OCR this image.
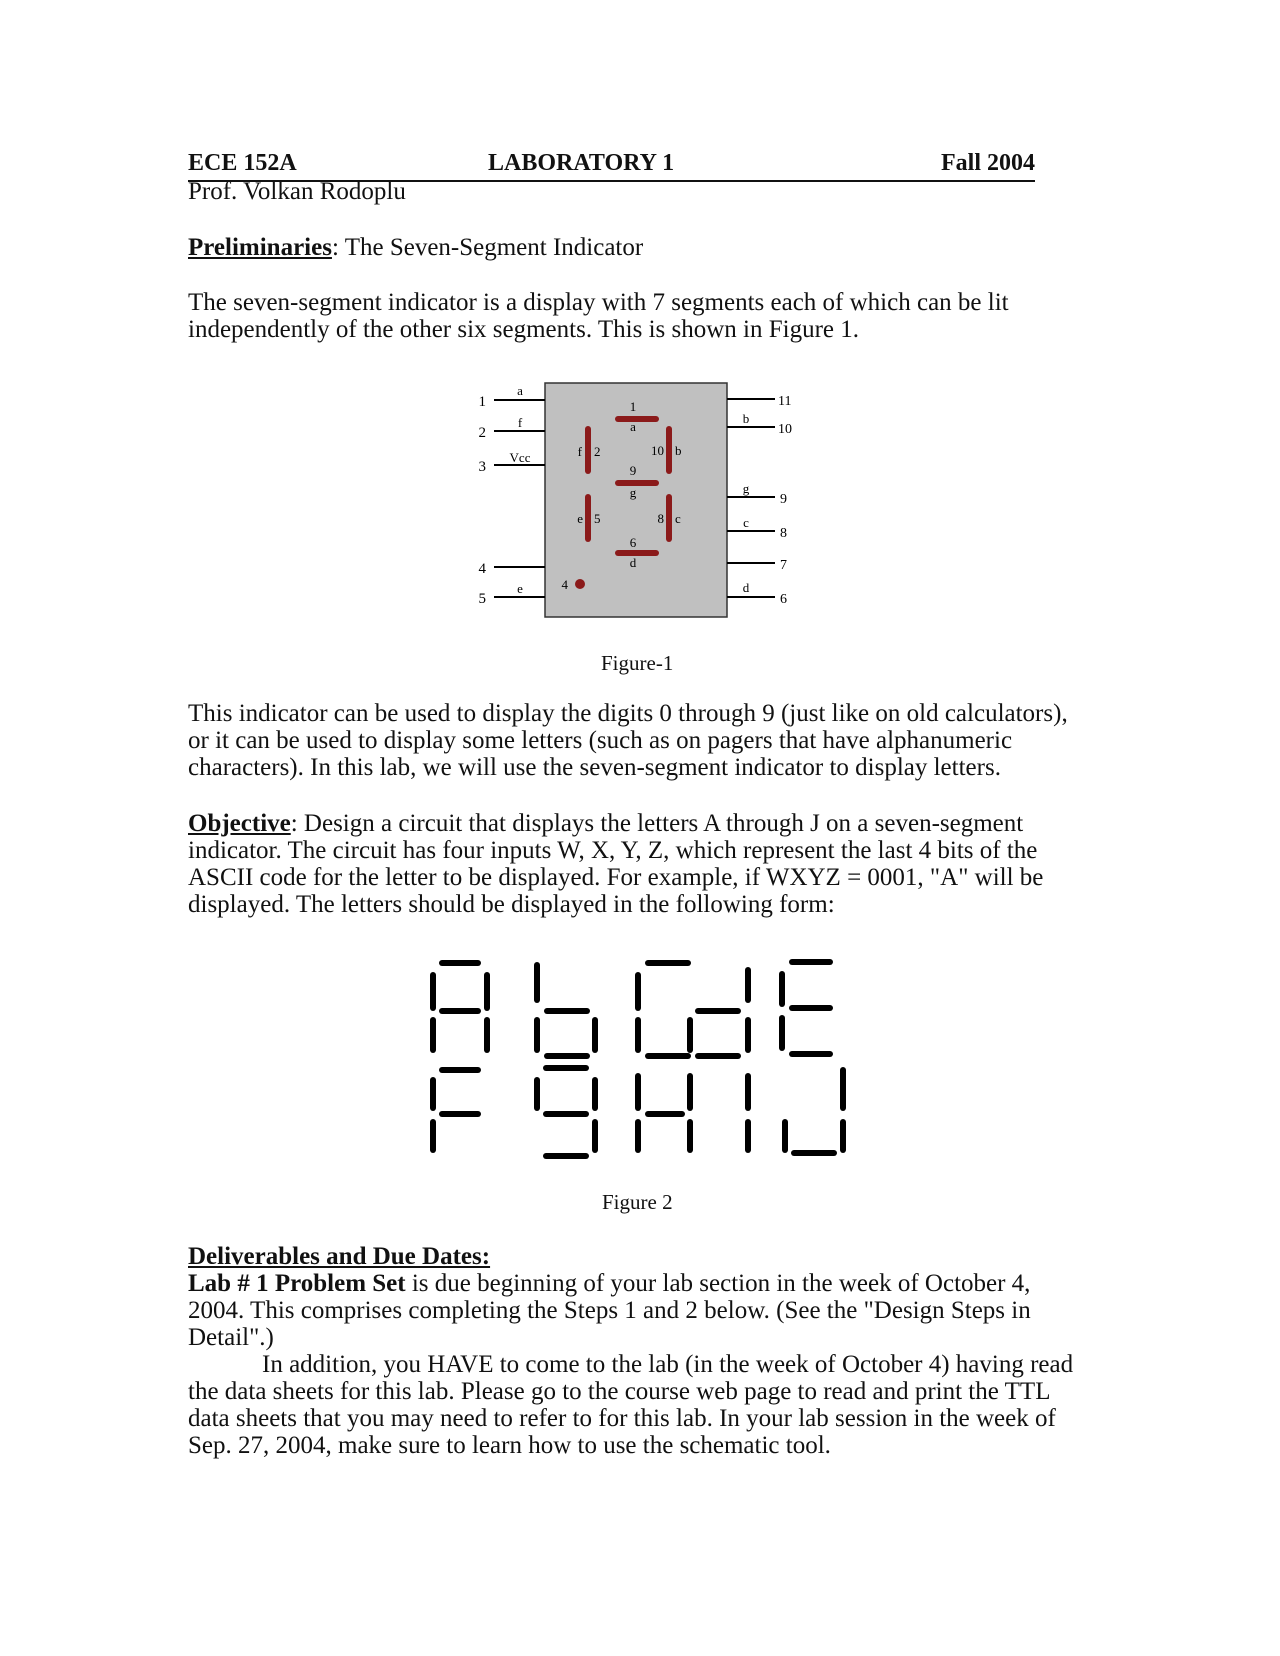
ECE 152A	LABORATORY 1	Fall 2004
Prof. Volkan Rodoplu
Preliminaries: The Seven-Segment Indicator
The seven-segment indicator is a display with 7 segments each of which can be lit
independently of the other six segments. This is shown in Figure 1.
1
2
3
4
5
a
f
Vcc
e
11
10
9
8
7
6
b
g
c
d
1
a
f 2	10 b
9
g
e 5	8 c
6
d
4
Figure-1
This indicator can be used to display the digits 0 through 9 (just like on old calculators),
or it can be used to display some letters (such as on pagers that have alphanumeric
characters). In this lab, we will use the seven-segment indicator to display letters.
Objective: Design a circuit that displays the letters A through J on a seven-segment
indicator. The circuit has four inputs W, X, Y, Z, which represent the last 4 bits of the
ASCII code for the letter to be displayed. For example, if WXYZ = 0001, "A" will be
displayed. The letters should be displayed in the following form:
Figure 2
Deliverables and Due Dates:
Lab # 1 Problem Set is due beginning of your lab section in the week of October 4,
2004. This comprises completing the Steps 1 and 2 below. (See the "Design Steps in
Detail".)
In addition, you HAVE to come to the lab (in the week of October 4) having read
the data sheets for this lab. Please go to the course web page to read and print the TTL
data sheets that you may need to refer to for this lab. In your lab session in the week of
Sep. 27, 2004, make sure to learn how to use the schematic tool.
